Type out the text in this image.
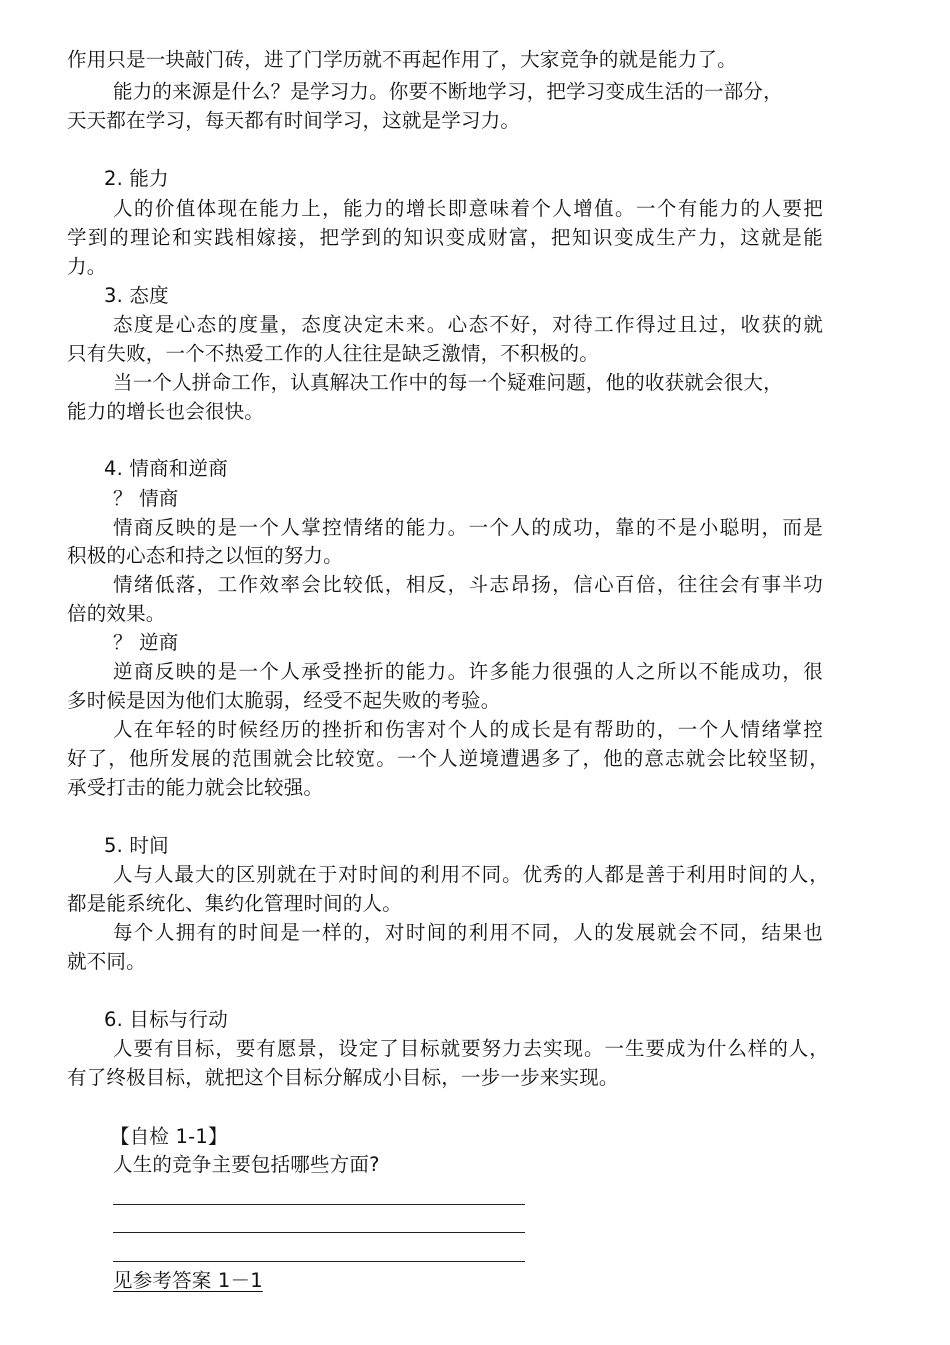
作用只是一块敲门砖，进了门学历就不再起作用了，大家竞争的就是能力了。
能力的来源是什么？是学习力。你要不断地学习，把学习变成生活的一部分，
天天都在学习，每天都有时间学习，这就是学习力。
2. 能力
人的价值体现在能力上，能力的增长即意味着个人增值。一个有能力的人要把
学到的理论和实践相嫁接，把学到的知识变成财富，把知识变成生产力，这就是能
力。
3. 态度
态度是心态的度量，态度决定未来。心态不好，对待工作得过且过，收获的就
只有失败，一个不热爱工作的人往往是缺乏激情，不积极的。
当一个人拼命工作，认真解决工作中的每一个疑难问题，他的收获就会很大，
能力的增长也会很快。
4. 情商和逆商
？ 情商
情商反映的是一个人掌控情绪的能力。一个人的成功，靠的不是小聪明，而是
积极的心态和持之以恒的努力。
情绪低落，工作效率会比较低，相反，斗志昂扬，信心百倍，往往会有事半功
倍的效果。
？ 逆商
逆商反映的是一个人承受挫折的能力。许多能力很强的人之所以不能成功，很
多时候是因为他们太脆弱，经受不起失败的考验。
人在年轻的时候经历的挫折和伤害对个人的成长是有帮助的，一个人情绪掌控
好了，他所发展的范围就会比较宽。一个人逆境遭遇多了，他的意志就会比较坚韧，
承受打击的能力就会比较强。
5. 时间
人与人最大的区别就在于对时间的利用不同。优秀的人都是善于利用时间的人，
都是能系统化、集约化管理时间的人。
每个人拥有的时间是一样的，对时间的利用不同，人的发展就会不同，结果也
就不同。
6. 目标与行动
人要有目标，要有愿景，设定了目标就要努力去实现。一生要成为什么样的人，
有了终极目标，就把这个目标分解成小目标，一步一步来实现。
【自检 1-1】
人生的竞争主要包括哪些方面?
见参考答案 1－1
